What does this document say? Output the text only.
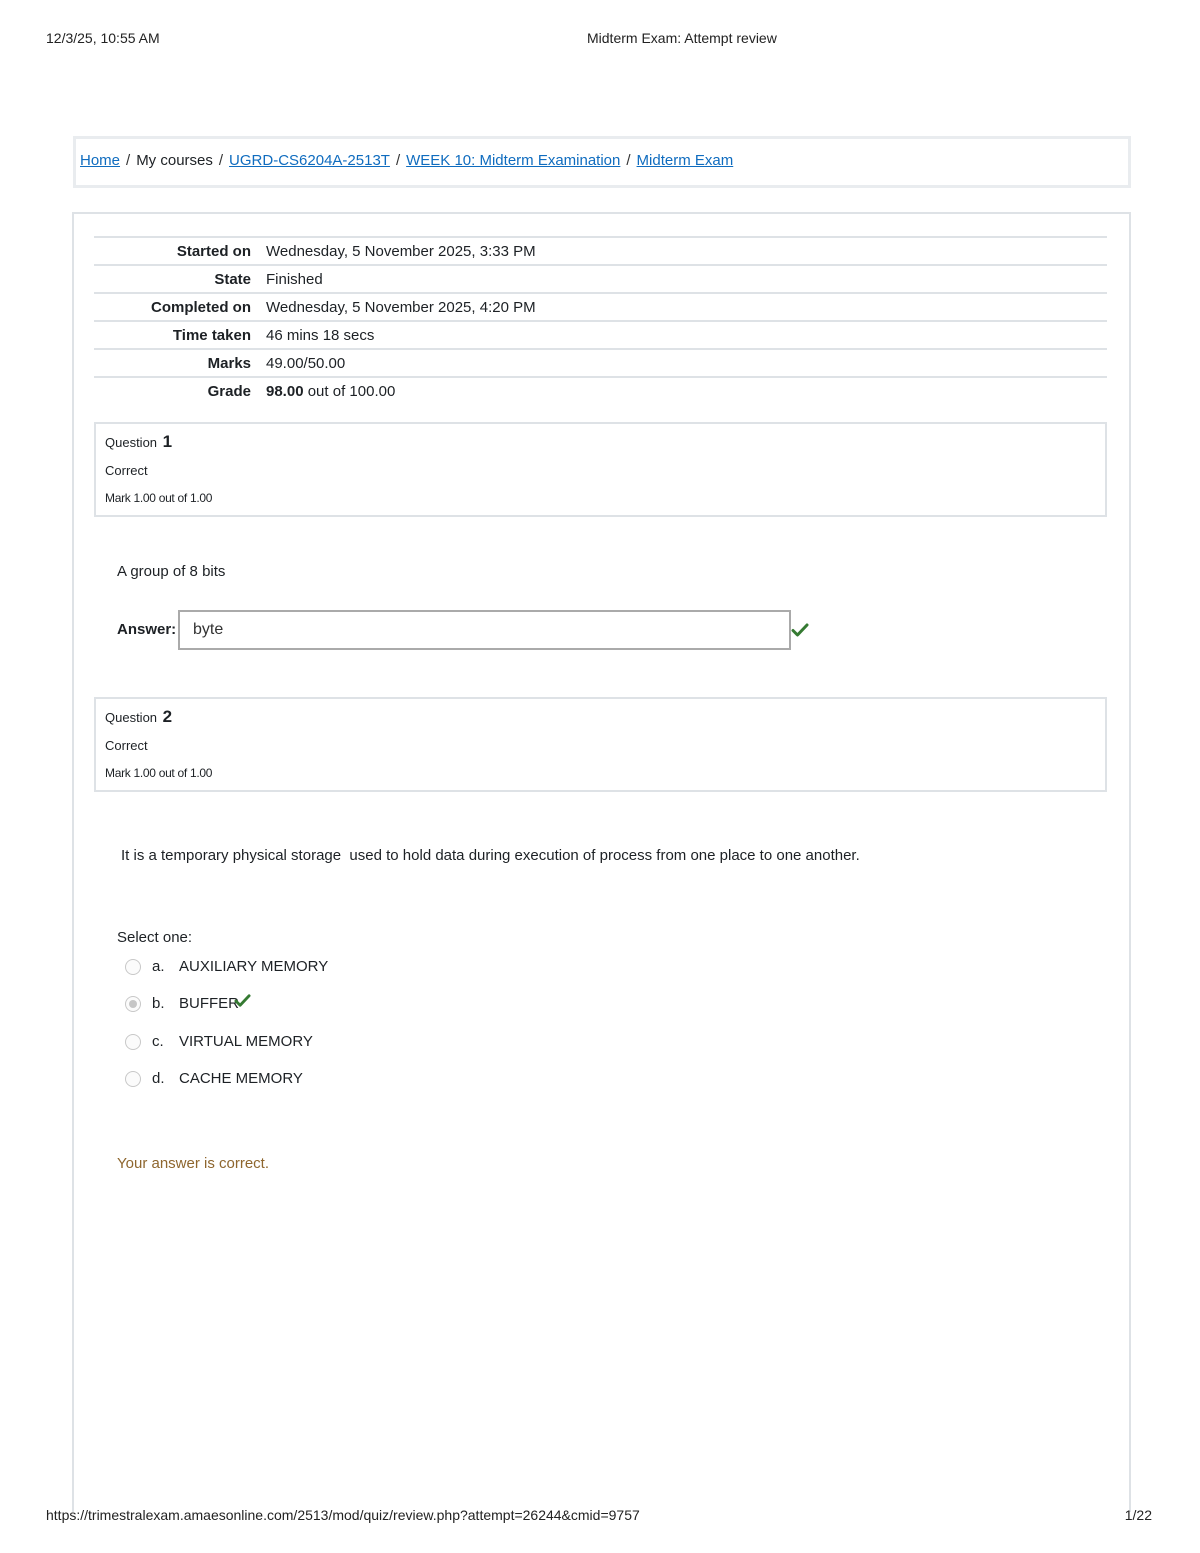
12/3/25, 10:55 AM	Midterm Exam: Attempt review
Home / My courses / UGRD-CS6204A-2513T / WEEK 10: Midterm Examination / Midterm Exam
Started on Wednesday, 5 November 2025, 3:33 PM
State Finished
Completed on Wednesday, 5 November 2025, 4:20 PM
Time taken 46 mins 18 secs
Marks 49.00/50.00
Grade 98.00 out of 100.00
Question 1
Correct
Mark 1.00 out of 1.00
A group of 8 bits
Answer:	byte
Question 2
Correct
Mark 1.00 out of 1.00
It is a temporary physical storage  used to hold data during execution of process from one place to one another.
Select one:
a. AUXILIARY MEMORY
b. BUFFER
c. VIRTUAL MEMORY
d. CACHE MEMORY
Your answer is correct.
https://trimestralexam.amaesonline.com/2513/mod/quiz/review.php?attempt=26244&cmid=9757	1/22
